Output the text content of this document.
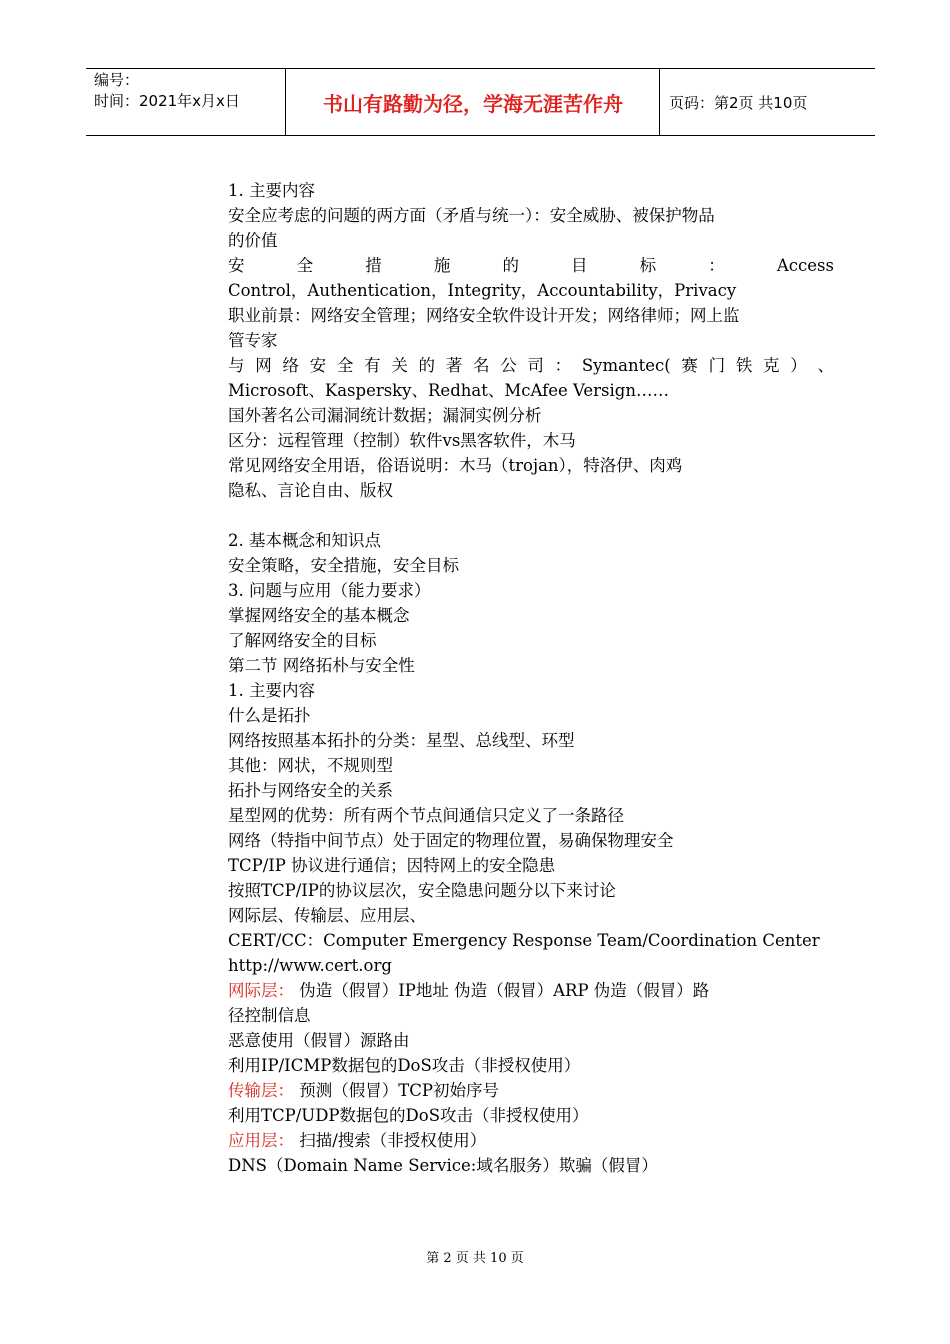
编号：
时间：2021年x月x日	书山有路勤为径，学海无涯苦作舟	页码：第2页 共10页
1. 主要内容
安全应考虑的问题的两方面（矛盾与统一）：安全威胁、被保护物品
的价值
安	全	措	施	的	目	标	：	Access
Control，Authentication，Integrity，Accountability，Privacy
职业前景：网络安全管理；网络安全软件设计开发；网络律师；网上监
管专家
与 网 络 安 全 有 关 的 著 名 公 司 ： Symantec( 赛 门 铁 克 ） 、
Microsoft、Kaspersky、Redhat、McAfee Versign……
国外著名公司漏洞统计数据；漏洞实例分析
区分：远程管理（控制）软件vs黑客软件，木马
常见网络安全用语，俗语说明：木马（trojan），特洛伊、肉鸡
隐私、言论自由、版权
2. 基本概念和知识点
安全策略，安全措施，安全目标
3. 问题与应用（能力要求）
掌握网络安全的基本概念
了解网络安全的目标
第二节 网络拓朴与安全性
1. 主要内容
什么是拓扑
网络按照基本拓扑的分类：星型、总线型、环型
其他：网状，不规则型
拓扑与网络安全的关系
星型网的优势：所有两个节点间通信只定义了一条路径
网络（特指中间节点）处于固定的物理位置，易确保物理安全
TCP/IP 协议进行通信；因特网上的安全隐患
按照TCP/IP的协议层次，安全隐患问题分以下来讨论
网际层、传输层、应用层、
CERT/CC：Computer Emergency Response Team/Coordination Center
http://www.cert.org
网际层： 伪造（假冒）IP地址 伪造（假冒）ARP 伪造（假冒）路
径控制信息
恶意使用（假冒）源路由
利用IP/ICMP数据包的DoS攻击（非授权使用）
传输层： 预测（假冒）TCP初始序号
利用TCP/UDP数据包的DoS攻击（非授权使用）
应用层： 扫描/搜索（非授权使用）
DNS（Domain Name Service:域名服务）欺骗（假冒）
第 2 页 共 10 页
